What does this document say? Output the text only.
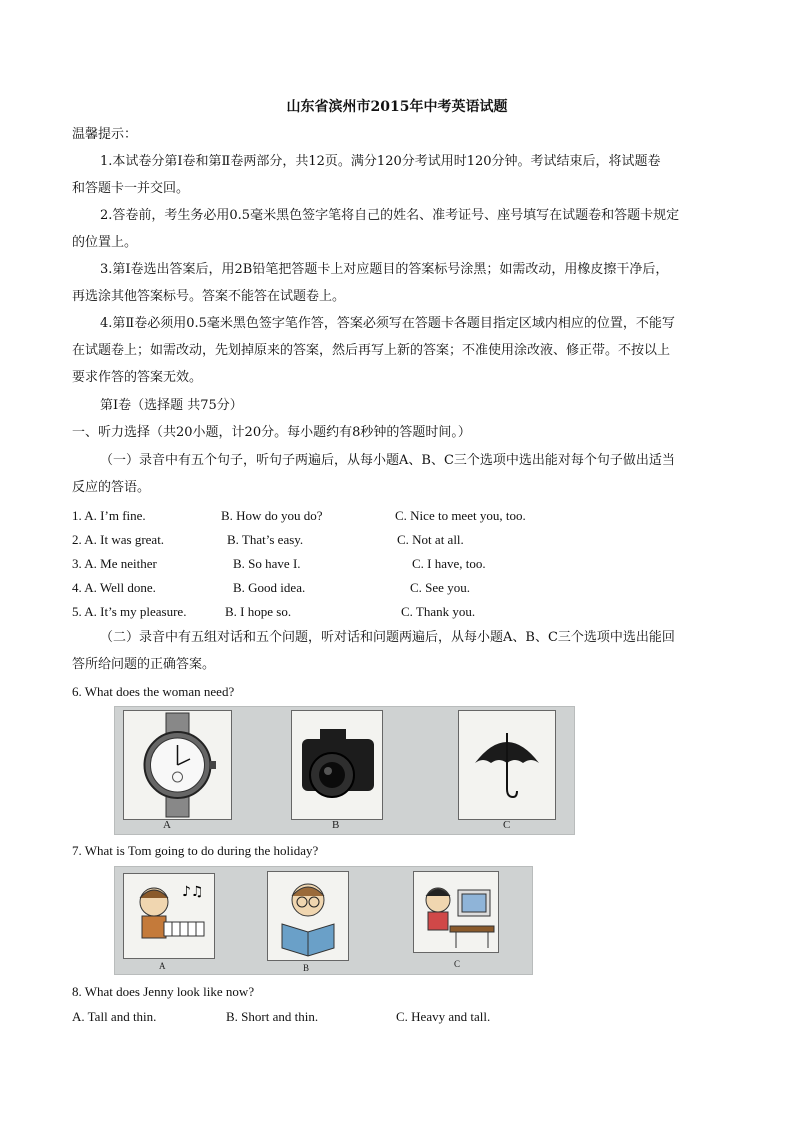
山东省滨州市2015年中考英语试题
温馨提示：
1.本试卷分第Ⅰ卷和第Ⅱ卷两部分，共12页。满分120分考试用时120分钟。考试结束后，将试题卷
和答题卡一并交回。
2.答卷前，考生务必用0.5毫米黑色签字笔将自己的姓名、准考证号、座号填写在试题卷和答题卡规定
的位置上。
3.第Ⅰ卷选出答案后，用2B铅笔把答题卡上对应题目的答案标号涂黑；如需改动，用橡皮擦干净后，
再选涂其他答案标号。答案不能答在试题卷上。
4.第Ⅱ卷必须用0.5毫米黑色签字笔作答，答案必须写在答题卡各题目指定区域内相应的位置，不能写
在试题卷上；如需改动，先划掉原来的答案，然后再写上新的答案；不准使用涂改液、修正带。不按以上
要求作答的答案无效。
第Ⅰ卷（选择题 共75分）
一、听力选择（共20小题，计20分。每小题约有8秒钟的答题时间。）
（一）录音中有五个句子，听句子两遍后，从每小题A、B、C三个选项中选出能对每个句子做出适当
反应的答语。
1. A. I’m fine.	B. How do you do?	C. Nice to meet you, too.
2. A. It was great.	B. That’s easy.	C. Not at all.
3. A. Me neither	B. So have I.	C. I have, too.
4. A. Well done.	B. Good idea.	C. See you.
5. A. It’s my pleasure.	B. I hope so.	C. Thank you.
（二）录音中有五组对话和五个问题，听对话和问题两遍后，从每小题A、B、C三个选项中选出能回
答所给问题的正确答案。
6. What does the woman need?
A	B	C
7. What is Tom going to do during the holiday?
♪♫
A	B	C
8. What does Jenny look like now?
A. Tall and thin.	B. Short and thin.	C. Heavy and tall.
